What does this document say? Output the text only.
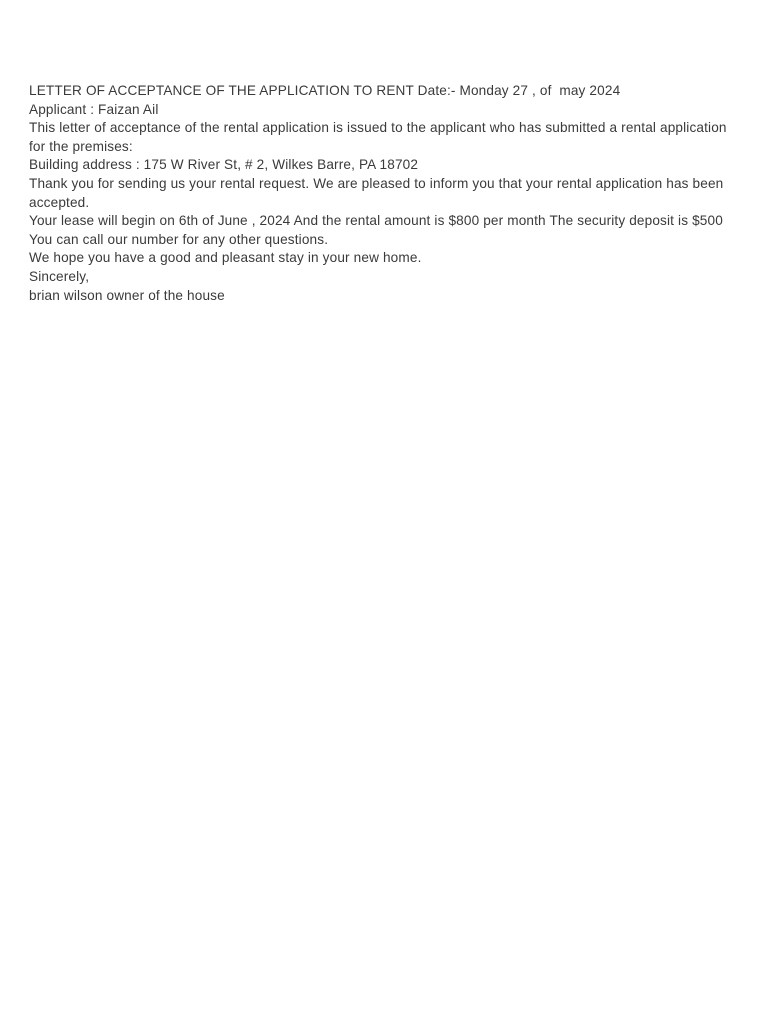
LETTER OF ACCEPTANCE OF THE APPLICATION TO RENT Date:- Monday 27 , of  may 2024
Applicant : Faizan Ail
This letter of acceptance of the rental application is issued to the applicant who has submitted a rental application for the premises:
Building address : 175 W River St, # 2, Wilkes Barre, PA 18702
Thank you for sending us your rental request. We are pleased to inform you that your rental application has been accepted.
Your lease will begin on 6th of June , 2024 And the rental amount is $800 per month The security deposit is $500
You can call our number for any other questions.
We hope you have a good and pleasant stay in your new home.
Sincerely,
brian wilson owner of the house
